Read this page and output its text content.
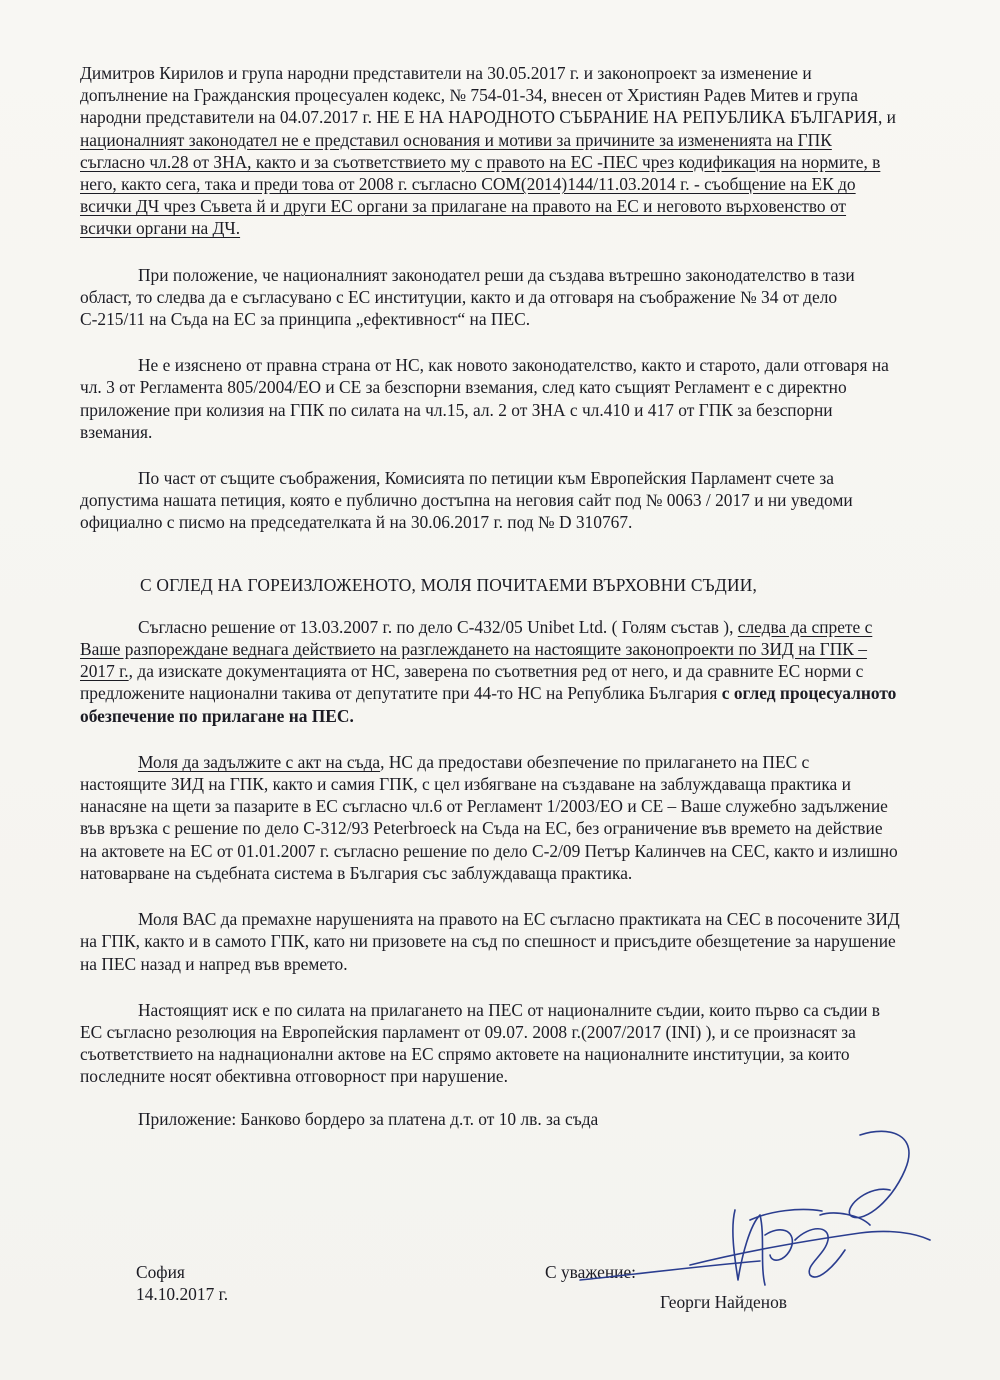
Димитров Кирилов и група народни представители на 30.05.2017 г. и законопроект за изменение и допълнение на Гражданския процесуален кодекс, № 754-01-34, внесен от Християн Радев Митев и група народни представители на 04.07.2017 г. НЕ Е НА НАРОДНОТО СЪБРАНИЕ НА РЕПУБЛИКА БЪЛГАРИЯ, и националният законодател не е представил основания и мотиви за причините за измененията на ГПК съгласно чл.28 от ЗНА, както и за съответствието му с правото на ЕС -ПЕС чрез кодификация на нормите, в него, както сега, така и преди това от 2008 г. съгласно COM(2014)144/11.03.2014 г. - съобщение на ЕК до всички ДЧ чрез Съвета й и други ЕС органи за прилагане на правото на ЕС и неговото върховенство от всички органи на ДЧ.

При положение, че националният законодател реши да създава вътрешно законодателство в тази област, то следва да е съгласувано с ЕС институции, както и да отговаря на съображение № 34 от дело С-215/11 на Съда на ЕС за принципа „ефективност“ на ПЕС.

Не е изяснено от правна страна от НС, как новото законодателство, както и старото, дали отговаря на чл. 3 от Регламента 805/2004/ЕО и СЕ за безспорни вземания, след като същият Регламент е с директно приложение при колизия на ГПК по силата на чл.15, ал. 2 от ЗНА с чл.410 и 417 от ГПК за безспорни вземания.

По част от същите съображения, Комисията по петиции към Европейския Парламент счете за допустима нашата петиция, която е публично достъпна на неговия сайт под № 0063 / 2017 и ни уведоми официално с писмо на председателката й на 30.06.2017 г. под № D 310767.

С ОГЛЕД НА ГОРЕИЗЛОЖЕНОТО, МОЛЯ ПОЧИТАЕМИ ВЪРХОВНИ СЪДИИ,

Съгласно решение от 13.03.2007 г. по дело С-432/05 Unibet Ltd. ( Голям състав ), следва да спрете с Ваше разпореждане веднага действието на разглеждането на настоящите законопроекти по ЗИД на ГПК – 2017 г., да изискате документацията от НС, заверена по съответния ред от него, и да сравните ЕС норми с предложените национални такива от депутатите при 44-то НС на Република България с оглед процесуалното обезпечение по прилагане на ПЕС.

Моля да задължите с акт на съда, НС да предостави обезпечение по прилагането на ПЕС с настоящите ЗИД на ГПК, както и самия ГПК, с цел избягване на създаване на заблуждаваща практика и нанасяне на щети за пазарите в ЕС съгласно чл.6 от Регламент 1/2003/ЕО и СЕ – Ваше служебно задължение във връзка с решение по дело С-312/93 Peterbroeck на Съда на ЕС, без ограничение във времето на действие на актовете на ЕС от 01.01.2007 г. съгласно решение по дело С-2/09 Петър Калинчев на СЕС, както и излишно натоварване на съдебната система в България със заблуждаваща практика.

Моля ВАС да премахне нарушенията на правото на ЕС съгласно практиката на СЕС в посочените ЗИД на ГПК, както и в самото ГПК, като ни призовете на съд по спешност и присъдите обезщетение за нарушение на ПЕС назад и напред във времето.

Настоящият иск е по силата на прилагането на ПЕС от националните съдии, които първо са съдии в ЕС съгласно резолюция на Европейския парламент от 09.07. 2008 г.(2007/2017 (INI) ), и се произнасят за съответствието на наднационални актове на ЕС спрямо актовете на националните институции, за които последните носят обективна отговорност при нарушение.

Приложение: Банково бордеро за платена д.т. от 10 лв. за съда

София
14.10.2017 г.
С уважение:
Георги Найденов
